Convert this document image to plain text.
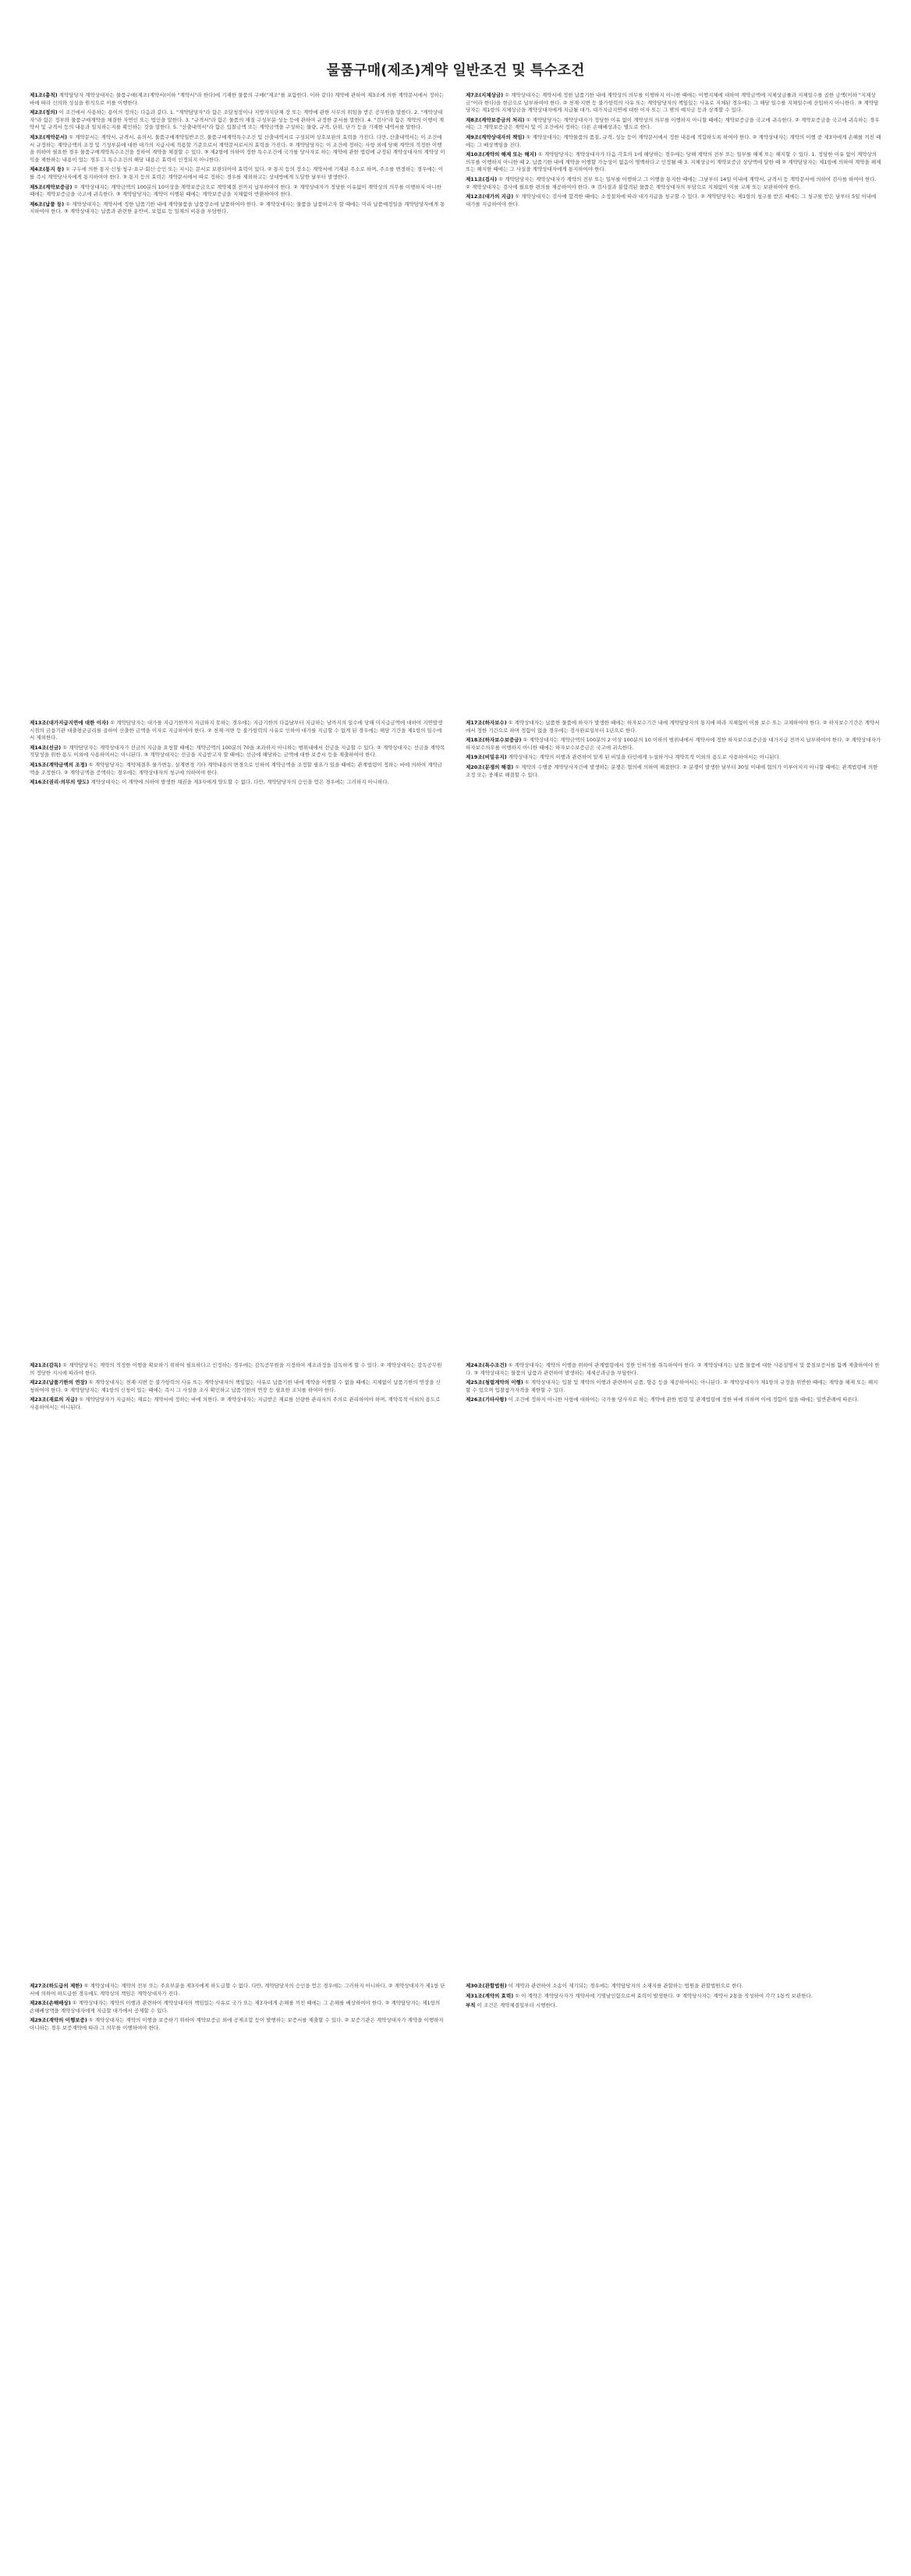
물품구매(제조)계약 일반조건 및 특수조건

제1조(총칙) 계약담당자 계약상대자는 물품구매(제조)계약서(이하 "계약서"라 한다)에 기재한 물품의 구매("제조"를 포함한다. 이하 같다) 계약에 관하여 제3조에 의한 계약문서에서 정하는 바에 따라 신의와 성실을 원칙으로 이를 이행한다.

제2조(정의) 이 조건에서 사용하는 용어의 정의는 다음과 같다. 1. "계약담당자"라 함은 조달청장이나 지방자치단체 장 또는 계약에 관한 사무의 위임을 받은 공무원을 말한다. 2. "계약상대자"라 함은 정부와 물품구매계약을 체결한 자연인 또는 법인을 말한다. 3. "규격서"라 함은 물품의 재질·구성부분·성능 등에 관하여 규정한 문서를 말한다. 4. "검사"라 함은 계약의 이행이 계약서 및 규격서 등의 내용과 일치하는지를 확인하는 것을 말한다. 5. "산출내역서"라 함은 입찰금액 또는 계약금액을 구성하는 물량, 규격, 단위, 단가 등을 기재한 내역서를 말한다.

제3조(계약문서) ① 계약문서는 계약서, 규격서, 유의서, 물품구매계약일반조건, 물품구매계약특수조건 및 산출내역서로 구성되며 상호보완의 효력을 가진다. 다만, 산출내역서는 이 조건에서 규정하는 계약금액의 조정 및 기성부분에 대한 대가의 지급시에 적용할 기준으로서 계약문서로서의 효력을 가진다. ② 계약담당자는 이 조건에 정하는 사항 외에 당해 계약의 적정한 이행을 위하여 필요한 경우 물품구매계약특수조건을 정하여 계약을 체결할 수 있다. ③ 제2항에 의하여 정한 특수조건에 국가를 당사자로 하는 계약에 관한 법령에 규정된 계약상대자의 계약상 이익을 제한하는 내용이 있는 경우 그 특수조건의 해당 내용은 효력이 인정되지 아니한다.

제4조(통지 등) ① 구두에 의한 통지·신청·청구·요구·회신·승인 또는 지시는 문서로 보완되어야 효력이 있다. ② 통지 등의 장소는 계약서에 기재된 주소로 하며, 주소를 변경하는 경우에는 이를 즉시 계약당사자에게 통지하여야 한다. ③ 통지 등의 효력은 계약문서에서 따로 정하는 경우를 제외하고는 상대방에게 도달한 날부터 발생한다.

제5조(계약보증금) ① 계약상대자는 계약금액의 100분의 10이상을 계약보증금으로 계약체결 전까지 납부하여야 한다. ② 계약상대자가 정당한 이유없이 계약상의 의무를 이행하지 아니한 때에는 계약보증금을 국고에 귀속한다. ③ 계약담당자는 계약이 이행된 때에는 계약보증금을 지체없이 반환하여야 한다.

제6조(납품 등) ① 계약상대자는 계약서에 정한 납품기한 내에 계약물품을 납품장소에 납품하여야 한다. ② 계약상대자는 물품을 납품하고자 할 때에는 미리 납품예정일을 계약담당자에게 통지하여야 한다. ③ 계약상대자는 납품과 관련한 운반비, 보험료 등 일체의 비용을 부담한다.

제7조(지체상금) ① 계약상대자는 계약서에 정한 납품기한 내에 계약상의 의무를 이행하지 아니한 때에는 이행지체에 대하여 계약금액에 지체상금률과 지체일수를 곱한 금액(이하 "지체상금"이라 한다)을 현금으로 납부하여야 한다. ② 천재·지변 등 불가항력의 사유 또는 계약담당자의 책임있는 사유로 지체된 경우에는 그 해당 일수를 지체일수에 산입하지 아니한다. ③ 계약담당자는 제1항의 지체상금을 계약상대자에게 지급될 대가, 대가지급지연에 대한 이자 또는 그 밖의 예치금 등과 상계할 수 있다.

제8조(계약보증금의 처리) ① 계약담당자는 계약상대자가 정당한 이유 없이 계약상의 의무를 이행하지 아니할 때에는 계약보증금을 국고에 귀속한다. ② 계약보증금을 국고에 귀속하는 경우에는 그 계약보증금은 계약서 및 이 조건에서 정하는 다른 손해배상과는 별도로 한다.

제9조(계약상대자의 책임) ① 계약상대자는 계약물품의 품질, 규격, 성능 등이 계약문서에서 정한 내용에 적합하도록 하여야 한다. ② 계약상대자는 계약의 이행 중 제3자에게 손해를 끼친 때에는 그 배상책임을 진다.

제10조(계약의 해제 또는 해지) ① 계약담당자는 계약상대자가 다음 각호의 1에 해당하는 경우에는 당해 계약의 전부 또는 일부를 해제 또는 해지할 수 있다. 1. 정당한 이유 없이 계약상의 의무를 이행하지 아니한 때 2. 납품기한 내에 계약을 이행할 가능성이 없음이 명백하다고 인정될 때 3. 지체상금이 계약보증금 상당액에 달한 때 ② 계약담당자는 제1항에 의하여 계약을 해제 또는 해지한 때에는 그 사실을 계약상대자에게 통지하여야 한다.

제11조(검사) ① 계약담당자는 계약상대자가 계약의 전부 또는 일부를 이행하고 그 이행을 통지한 때에는 그날부터 14일 이내에 계약서, 규격서 등 계약문서에 의하여 검사를 하여야 한다. ② 계약상대자는 검사에 필요한 편의를 제공하여야 한다. ③ 검사결과 불합격된 물품은 계약상대자의 부담으로 지체없이 이를 교체 또는 보완하여야 한다.

제12조(대가의 지급) ① 계약상대자는 검사에 합격한 때에는 소정절차에 따라 대가지급을 청구할 수 있다. ② 계약담당자는 제1항의 청구를 받은 때에는 그 청구를 받은 날부터 5일 이내에 대가를 지급하여야 한다.

제13조(대가지급지연에 대한 이자) ① 계약담당자는 대가를 지급기한까지 지급하지 못하는 경우에는 지급기한의 다음날부터 지급하는 날까지의 일수에 당해 미지급금액에 대하여 지연발생 시점의 금융기관 대출평균금리를 곱하여 산출한 금액을 이자로 지급하여야 한다. ② 천재·지변 등 불가항력의 사유로 인하여 대가를 지급할 수 없게 된 경우에는 해당 기간을 제1항의 일수에서 제외한다.

제14조(선금) ① 계약담당자는 계약상대자가 선금의 지급을 요청할 때에는 계약금액의 100분의 70을 초과하지 아니하는 범위내에서 선금을 지급할 수 있다. ② 계약상대자는 선금을 계약목적달성을 위한 용도 이외에 사용하여서는 아니된다. ③ 계약상대자는 선금을 지급받고자 할 때에는 선금에 해당하는 금액에 대한 보증서 등을 제출하여야 한다.

제15조(계약금액의 조정) ① 계약담당자는 계약체결후 물가변동, 설계변경 기타 계약내용의 변경으로 인하여 계약금액을 조정할 필요가 있을 때에는 관계법령이 정하는 바에 의하여 계약금액을 조정한다. ② 계약금액을 증액하는 경우에는 계약상대자의 청구에 의하여야 한다.

제16조(권리·의무의 양도) 계약상대자는 이 계약에 의하여 발생한 채권을 제3자에게 양도할 수 없다. 다만, 계약담당자의 승인을 얻은 경우에는 그러하지 아니하다.

제17조(하자보수) ① 계약상대자는 납품한 물품에 하자가 발생한 때에는 하자보수기간 내에 계약담당자의 통지에 따라 지체없이 이를 보수 또는 교체하여야 한다. ② 하자보수기간은 계약서에서 정한 기간으로 하며 정함이 없을 경우에는 검사완료일부터 1년으로 한다.

제18조(하자보수보증금) ① 계약상대자는 계약금액의 100분의 2 이상 100분의 10 이하의 범위내에서 계약서에 정한 하자보수보증금을 대가지급 전까지 납부하여야 한다. ② 계약상대자가 하자보수의무를 이행하지 아니한 때에는 하자보수보증금은 국고에 귀속한다.

제19조(비밀유지) 계약상대자는 계약의 이행과 관련하여 알게 된 비밀을 타인에게 누설하거나 계약목적 이외의 용도로 사용하여서는 아니된다.

제20조(분쟁의 해결) ① 계약의 수행중 계약당사자간에 발생하는 분쟁은 협의에 의하여 해결한다. ② 분쟁이 발생한 날부터 30일 이내에 협의가 이루어지지 아니할 때에는 관계법령에 의한 조정 또는 중재로 해결할 수 있다.

제21조(감독) ① 계약담당자는 계약의 적정한 이행을 확보하기 위하여 필요하다고 인정하는 경우에는 감독공무원을 지정하여 제조과정을 감독하게 할 수 있다. ② 계약상대자는 감독공무원의 정당한 지시에 따라야 한다.

제22조(납품기한의 연장) ① 계약상대자는 천재·지변 등 불가항력의 사유 또는 계약상대자의 책임없는 사유로 납품기한 내에 계약을 이행할 수 없을 때에는 지체없이 납품기한의 연장을 신청하여야 한다. ② 계약담당자는 제1항의 신청이 있는 때에는 즉시 그 사실을 조사 확인하고 납품기한의 연장 등 필요한 조치를 하여야 한다.

제23조(재료의 지급) ① 계약담당자가 지급하는 재료는 계약서에 정하는 바에 의한다. ② 계약상대자는 지급받은 재료를 선량한 관리자의 주의로 관리하여야 하며, 계약목적 이외의 용도로 사용하여서는 아니된다.

제24조(특수조건) ① 계약상대자는 계약의 이행을 위하여 관계법령에서 정한 인허가를 취득하여야 한다. ② 계약상대자는 납품 물품에 대한 사용설명서 및 품질보증서를 함께 제출하여야 한다. ③ 계약상대자는 물품의 납품과 관련하여 발생하는 제세공과금을 부담한다.

제25조(청렴계약의 이행) ① 계약상대자는 입찰 및 계약의 이행과 관련하여 금품, 향응 등을 제공하여서는 아니된다. ② 계약상대자가 제1항의 규정을 위반한 때에는 계약을 해제 또는 해지할 수 있으며 입찰참가자격을 제한할 수 있다.

제26조(기타사항) 이 조건에 정하지 아니한 사항에 대하여는 국가를 당사자로 하는 계약에 관한 법령 및 관계법령에 정한 바에 의하며 이에 정함이 없을 때에는 일반관례에 따른다.

제27조(하도급의 제한) ① 계약상대자는 계약의 전부 또는 주요부분을 제3자에게 하도급할 수 없다. 다만, 계약담당자의 승인을 얻은 경우에는 그러하지 아니하다. ② 계약상대자가 제1항 단서에 의하여 하도급한 경우에도 계약상의 책임은 계약상대자가 진다.

제28조(손해배상) ① 계약상대자는 계약의 이행과 관련하여 계약상대자의 책임있는 사유로 국가 또는 제3자에게 손해를 끼친 때에는 그 손해를 배상하여야 한다. ② 계약담당자는 제1항의 손해배상액을 계약상대자에게 지급할 대가에서 공제할 수 있다.

제29조(계약의 이행보증) ① 계약상대자는 계약의 이행을 보증하기 위하여 계약보증금 외에 공제조합 등이 발행하는 보증서를 제출할 수 있다. ② 보증기관은 계약상대자가 계약을 이행하지 아니하는 경우 보증계약에 따라 그 의무를 이행하여야 한다.

제30조(관할법원) 이 계약과 관련하여 소송이 제기되는 경우에는 계약담당자의 소재지를 관할하는 법원을 관할법원으로 한다.

제31조(계약의 효력) ① 이 계약은 계약당사자가 계약서에 기명날인함으로써 효력이 발생한다. ② 계약당사자는 계약서 2통을 작성하여 각각 1통씩 보관한다.

부칙 이 조건은 계약체결일부터 시행한다.
